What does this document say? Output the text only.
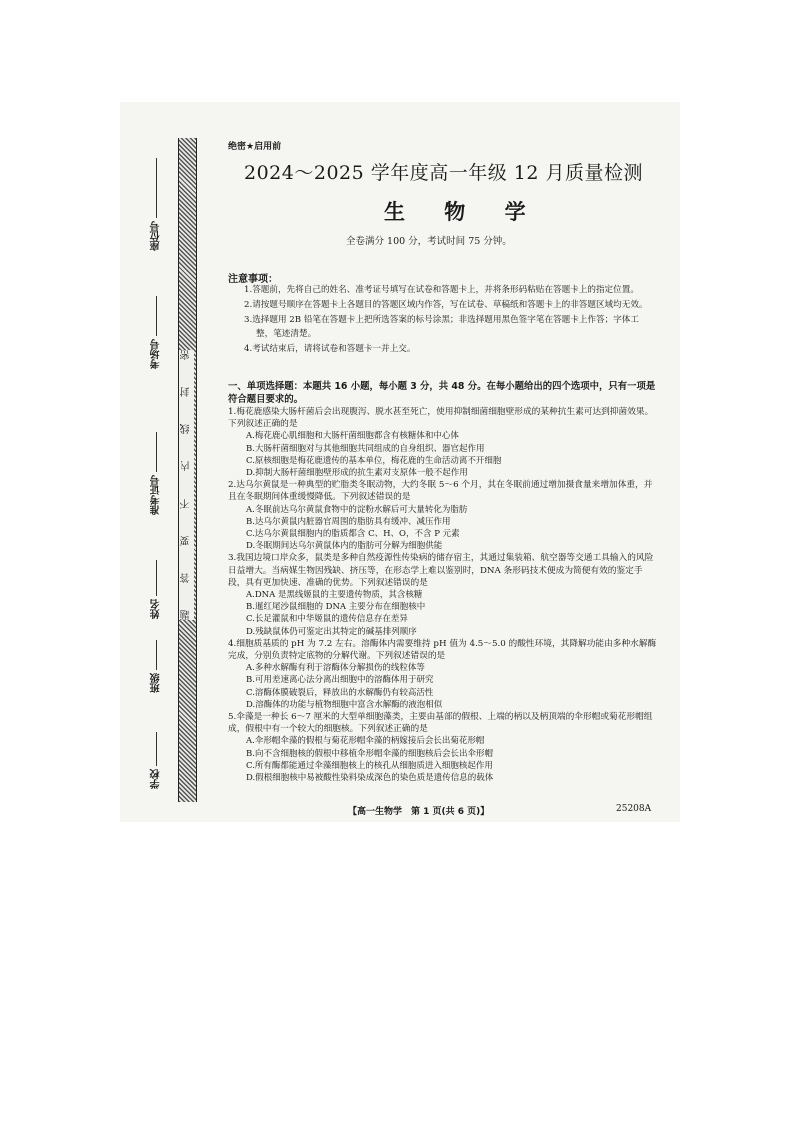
密
封
线
内
不
要
答
题
座位号
考场号
准考证号
姓名
班级
学校
绝密★启用前
2024～2025 学年度高一年级 12 月质量检测
生 物 学
全卷满分 100 分，考试时间 75 分钟。
注意事项：
1.答题前，先将自己的姓名、准考证号填写在试卷和答题卡上，并将条形码粘贴在答题卡上的指定位置。
2.请按题号顺序在答题卡上各题目的答题区域内作答，写在试卷、草稿纸和答题卡上的非答题区域均无效。
3.选择题用 2B 铅笔在答题卡上把所选答案的标号涂黑；非选择题用黑色签字笔在答题卡上作答；字体工整，笔迹清楚。
4.考试结束后，请将试卷和答题卡一并上交。
一、单项选择题：本题共 16 小题，每小题 3 分，共 48 分。在每小题给出的四个选项中，只有一项是符合题目要求的。

1.梅花鹿感染大肠杆菌后会出现腹泻、脱水甚至死亡，使用抑制细菌细胞壁形成的某种抗生素可达到抑菌效果。下列叙述正确的是

A.梅花鹿心肌细胞和大肠杆菌细胞都含有核糖体和中心体

B.大肠杆菌细胞对与其他细胞共同组成的自身组织、器官起作用

C.原核细胞是梅花鹿遗传的基本单位，梅花鹿的生命活动离不开细胞

D.抑制大肠杆菌细胞壁形成的抗生素对支原体一般不起作用

2.达乌尔黄鼠是一种典型的贮脂类冬眠动物，大约冬眠 5～6 个月，其在冬眠前通过增加摄食量来增加体重，并且在冬眠期间体重缓慢降低。下列叙述错误的是

A.冬眠前达乌尔黄鼠食物中的淀粉水解后可大量转化为脂肪

B.达乌尔黄鼠内脏器官周围的脂肪具有缓冲、减压作用

C.达乌尔黄鼠细胞内的脂质都含 C、H、O，不含 P 元素

D.冬眠期间达乌尔黄鼠体内的脂肪可分解为细胞供能

3.我国边境口岸众多，鼠类是多种自然疫源性传染病的储存宿主，其通过集装箱、航空器等交通工具输入的风险日益增大。当病媒生物因残缺、挤压等，在形态学上难以鉴别时，DNA 条形码技术便成为简便有效的鉴定手段，具有更加快速、准确的优势。下列叙述错误的是

A.DNA 是黑线姬鼠的主要遗传物质，其含核糖

B.暹红尾沙鼠细胞的 DNA 主要分布在细胞核中

C.长足灌鼠和中华姬鼠的遗传信息存在差异

D.残缺鼠体仍可鉴定出其特定的碱基排列顺序

4.细胞质基质的 pH 为 7.2 左右。溶酶体内需要维持 pH 值为 4.5～5.0 的酸性环境，其降解功能由多种水解酶完成，分别负责特定底物的分解代谢。下列叙述错误的是

A.多种水解酶有利于溶酶体分解损伤的线粒体等

B.可用差速离心法分离出细胞中的溶酶体用于研究

C.溶酶体膜破裂后，释放出的水解酶仍有较高活性

D.溶酶体的功能与植物细胞中富含水解酶的液泡相似

5.伞藻是一种长 6～7 厘米的大型单细胞藻类，主要由基部的假根、上端的柄以及柄顶端的伞形帽或菊花形帽组成，假根中有一个较大的细胞核。下列叙述正确的是

A.伞形帽伞藻的假根与菊花形帽伞藻的柄嫁接后会长出菊花形帽

B.向不含细胞核的假根中移植伞形帽伞藻的细胞核后会长出伞形帽

C.所有酶都能通过伞藻细胞核上的核孔从细胞质进入细胞核起作用

D.假根细胞核中易被酸性染料染成深色的染色质是遗传信息的载体

【高一生物学　第 1 页(共 6 页)】	25208A
